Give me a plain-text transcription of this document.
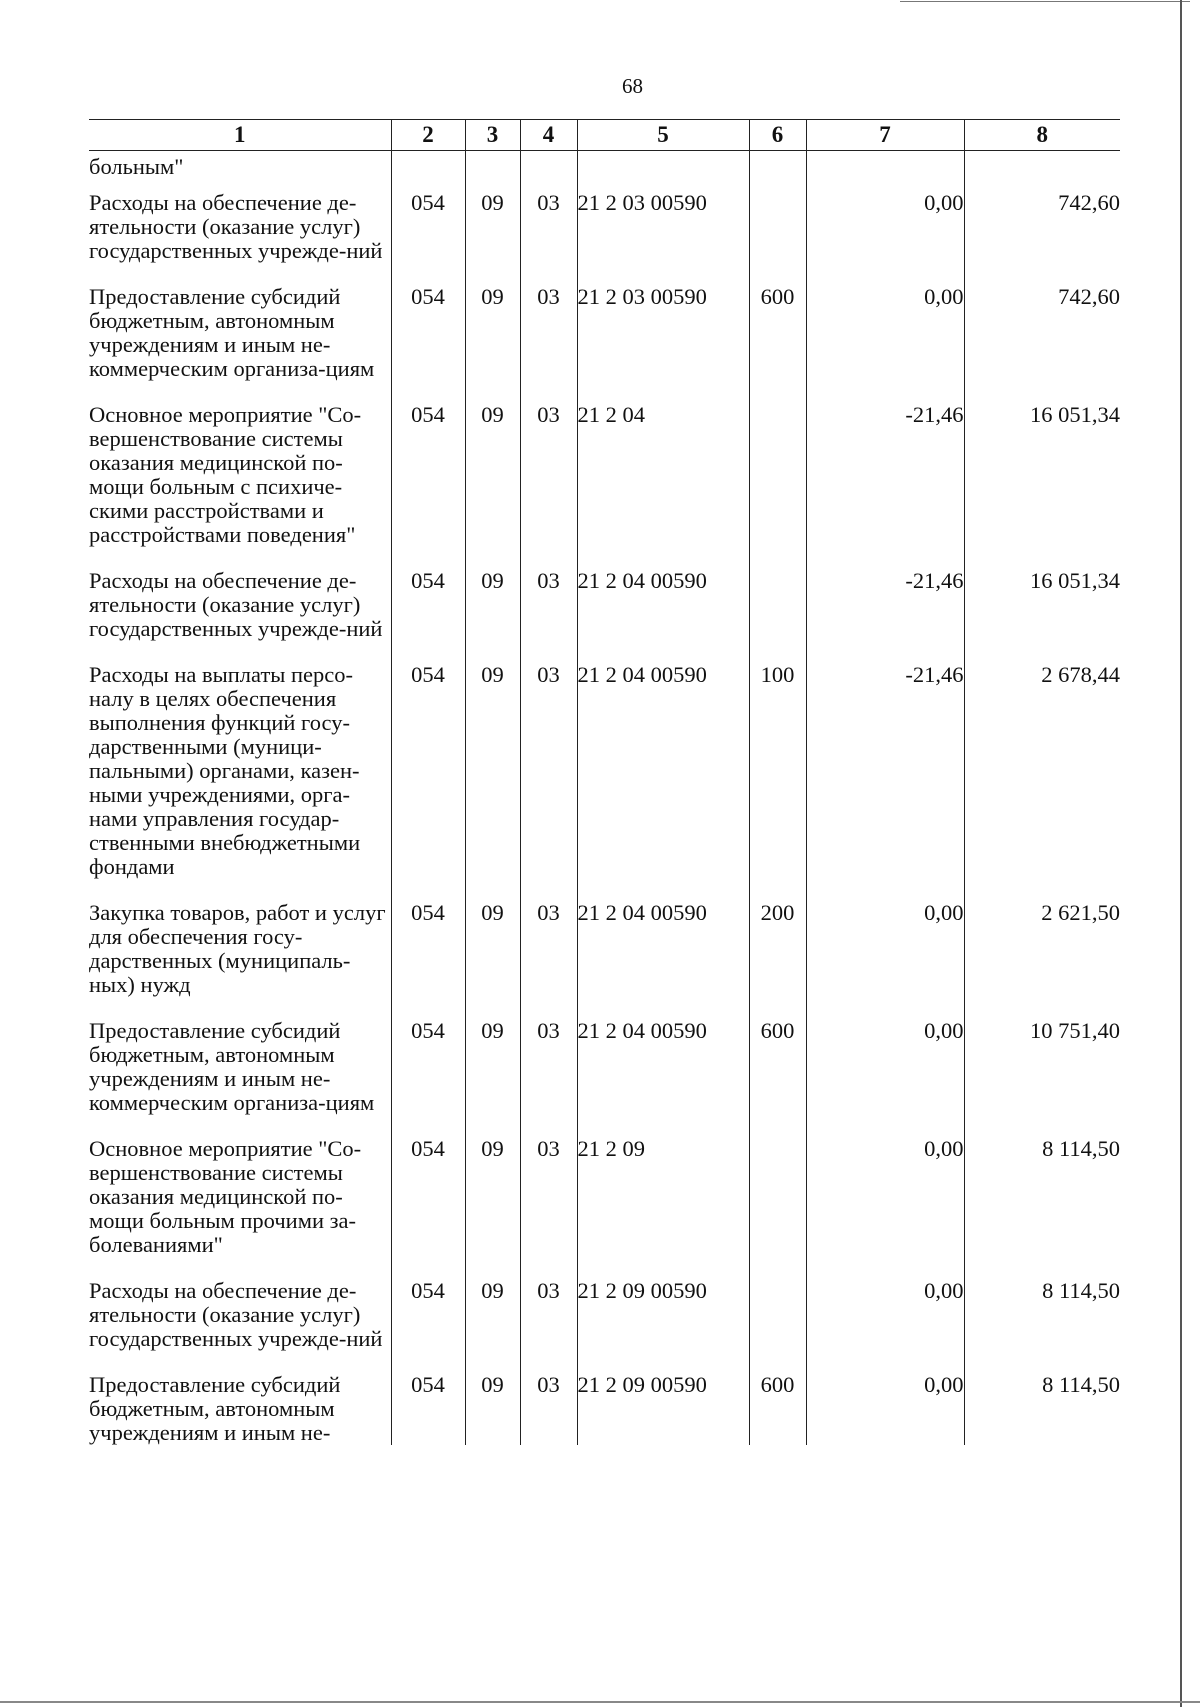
68
1	2	3	4	5	6	7	8
больным"							
Расходы на обеспечение де-ятельности (оказание услуг) государственных учрежде-ний	054	09	03	21 2 03 00590		0,00	742,60
Предоставление субсидий бюджетным, автономным учреждениям и иным не-коммерческим организа-циям	054	09	03	21 2 03 00590	600	0,00	742,60
Основное мероприятие "Со-вершенствование системы оказания медицинской по-мощи больным с психиче-скими расстройствами и расстройствами поведения"	054	09	03	21 2 04		-21,46	16 051,34
Расходы на обеспечение де-ятельности (оказание услуг) государственных учрежде-ний	054	09	03	21 2 04 00590		-21,46	16 051,34
Расходы на выплаты персо-налу в целях обеспечения выполнения функций госу-дарственными (муници-пальными) органами, казен-ными учреждениями, орга-нами управления государ-ственными внебюджетными фондами	054	09	03	21 2 04 00590	100	-21,46	2 678,44
Закупка товаров, работ и услуг для обеспечения госу-дарственных (муниципаль-ных) нужд	054	09	03	21 2 04 00590	200	0,00	2 621,50
Предоставление субсидий бюджетным, автономным учреждениям и иным не-коммерческим организа-циям	054	09	03	21 2 04 00590	600	0,00	10 751,40
Основное мероприятие "Со-вершенствование системы оказания медицинской по-мощи больным прочими за-болеваниями"	054	09	03	21 2 09		0,00	8 114,50
Расходы на обеспечение де-ятельности (оказание услуг) государственных учрежде-ний	054	09	03	21 2 09 00590		0,00	8 114,50
Предоставление субсидий бюджетным, автономным учреждениям и иным не-	054	09	03	21 2 09 00590	600	0,00	8 114,50
